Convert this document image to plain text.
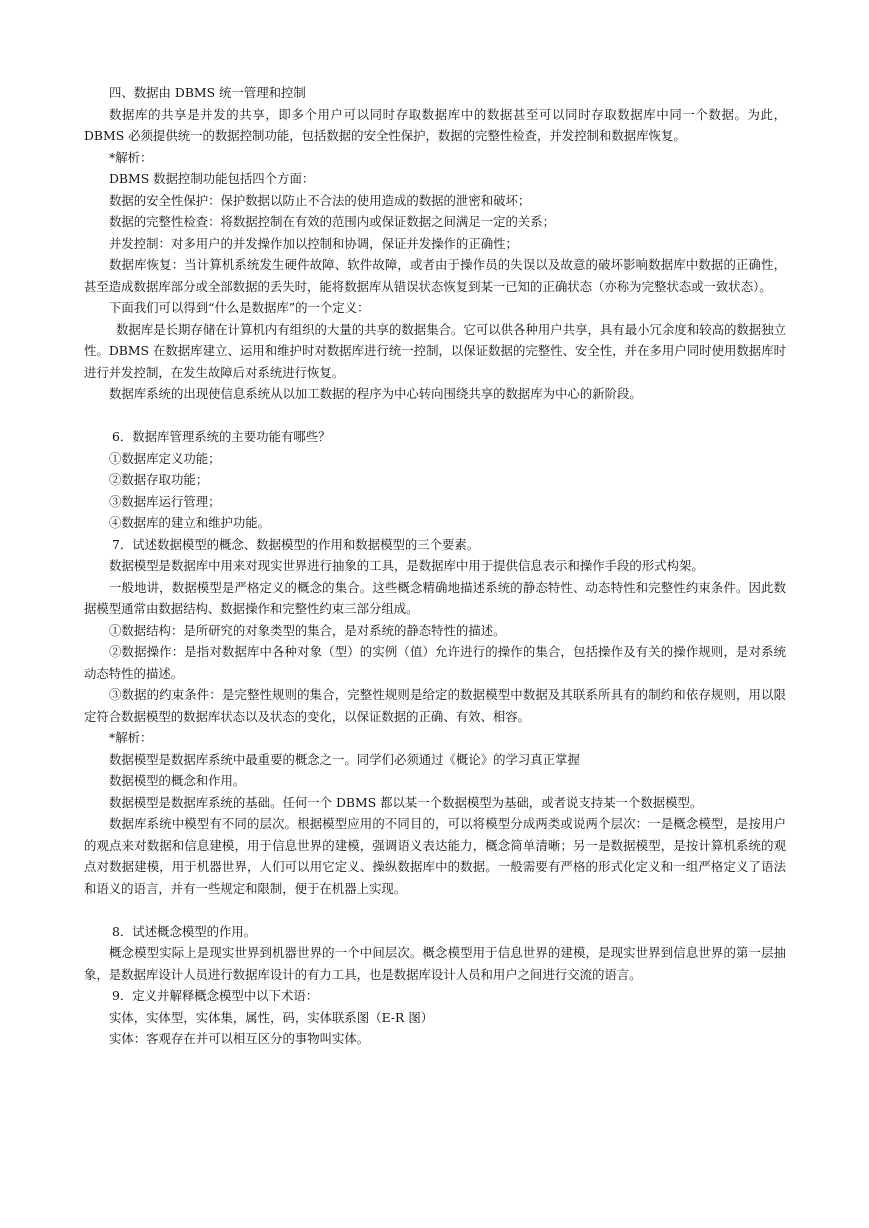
四、数据由 DBMS 统一管理和控制

数据库的共享是并发的共享，即多个用户可以同时存取数据库中的数据甚至可以同时存取数据库中同一个数据。为此，DBMS 必须提供统一的数据控制功能，包括数据的安全性保护，数据的完整性检查，并发控制和数据库恢复。

*解析：

DBMS 数据控制功能包括四个方面：

数据的安全性保护：保护数据以防止不合法的使用造成的数据的泄密和破坏；

数据的完整性检查：将数据控制在有效的范围内或保证数据之间满足一定的关系；

并发控制：对多用户的并发操作加以控制和协调，保证并发操作的正确性；

数据库恢复：当计算机系统发生硬件故障、软件故障，或者由于操作员的失误以及故意的破坏影响数据库中数据的正确性，甚至造成数据库部分或全部数据的丢失时，能将数据库从错误状态恢复到某一已知的正确状态（亦称为完整状态或一致状态）。

下面我们可以得到“什么是数据库”的一个定义：

数据库是长期存储在计算机内有组织的大量的共享的数据集合。它可以供各种用户共享，具有最小冗余度和较高的数据独立性。DBMS 在数据库建立、运用和维护时对数据库进行统一控制，以保证数据的完整性、安全性，并在多用户同时使用数据库时进行并发控制，在发生故障后对系统进行恢复。

数据库系统的出现使信息系统从以加工数据的程序为中心转向围绕共享的数据库为中心的新阶段。

6．数据库管理系统的主要功能有哪些？

①数据库定义功能；

②数据存取功能；

③数据库运行管理；

④数据库的建立和维护功能。

7．试述数据模型的概念、数据模型的作用和数据模型的三个要素。

数据模型是数据库中用来对现实世界进行抽象的工具，是数据库中用于提供信息表示和操作手段的形式构架。

一般地讲，数据模型是严格定义的概念的集合。这些概念精确地描述系统的静态特性、动态特性和完整性约束条件。因此数据模型通常由数据结构、数据操作和完整性约束三部分组成。

①数据结构：是所研究的对象类型的集合，是对系统的静态特性的描述。

②数据操作：是指对数据库中各种对象（型）的实例（值）允许进行的操作的集合，包括操作及有关的操作规则，是对系统动态特性的描述。

③数据的约束条件：是完整性规则的集合，完整性规则是给定的数据模型中数据及其联系所具有的制约和依存规则，用以限定符合数据模型的数据库状态以及状态的变化，以保证数据的正确、有效、相容。

*解析：

数据模型是数据库系统中最重要的概念之一。同学们必须通过《概论》的学习真正掌握

数据模型的概念和作用。

数据模型是数据库系统的基础。任何一个 DBMS 都以某一个数据模型为基础，或者说支持某一个数据模型。

数据库系统中模型有不同的层次。根据模型应用的不同目的，可以将模型分成两类或说两个层次：一是概念模型，是按用户的观点来对数据和信息建模，用于信息世界的建模，强调语义表达能力，概念简单清晰；另一是数据模型，是按计算机系统的观点对数据建模，用于机器世界，人们可以用它定义、操纵数据库中的数据。一般需要有严格的形式化定义和一组严格定义了语法和语义的语言，并有一些规定和限制，便于在机器上实现。

8．试述概念模型的作用。

概念模型实际上是现实世界到机器世界的一个中间层次。概念模型用于信息世界的建模，是现实世界到信息世界的第一层抽象，是数据库设计人员进行数据库设计的有力工具，也是数据库设计人员和用户之间进行交流的语言。

9．定义并解释概念模型中以下术语：

实体，实体型，实体集，属性，码，实体联系图（E-R 图）

实体：客观存在并可以相互区分的事物叫实体。
